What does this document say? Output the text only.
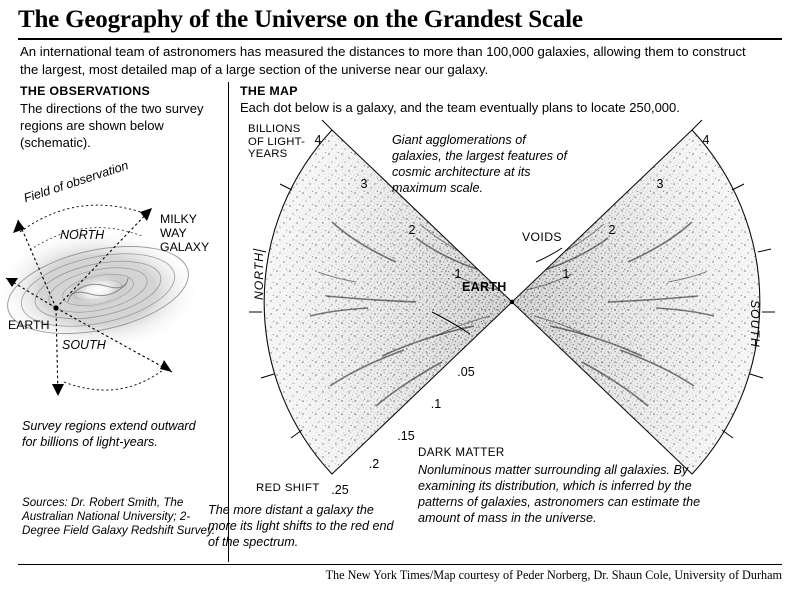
The Geography of the Universe on the Grandest Scale
An international team of astronomers has measured the distances to more than 100,000 galaxies, allowing them to construct the largest, most detailed map of a large section of the universe near our galaxy.
THE OBSERVATIONS
The directions of the two survey regions are shown below (schematic).
Field of observation
NORTH
MILKY
WAY
GALAXY
EARTH
SOUTH
Survey regions extend outward for billions of light-years.
Sources: Dr. Robert Smith, The Australian National University; 2-Degree Field Galaxy Redshift Survey.
THE MAP
Each dot below is a galaxy, and the team eventually plans to locate 250,000.
BILLIONS
OF LIGHT-
YEARS
4
3
2
1
4
3
2
1
.05
.1
.15
.2
.25
Giant agglomerations of galaxies, the largest features of cosmic architecture at its maximum scale.
VOIDS
EARTH
NORTH
SOUTH
RED SHIFT
DARK MATTER
Nonluminous matter surrounding all galaxies. By examining its distribution, which is inferred by the patterns of galaxies, astronomers can estimate the amount of mass in the universe.
The more distant a galaxy the more its light shifts to the red end of the spectrum.
The New York Times/Map courtesy of Peder Norberg, Dr. Shaun Cole, University of Durham
